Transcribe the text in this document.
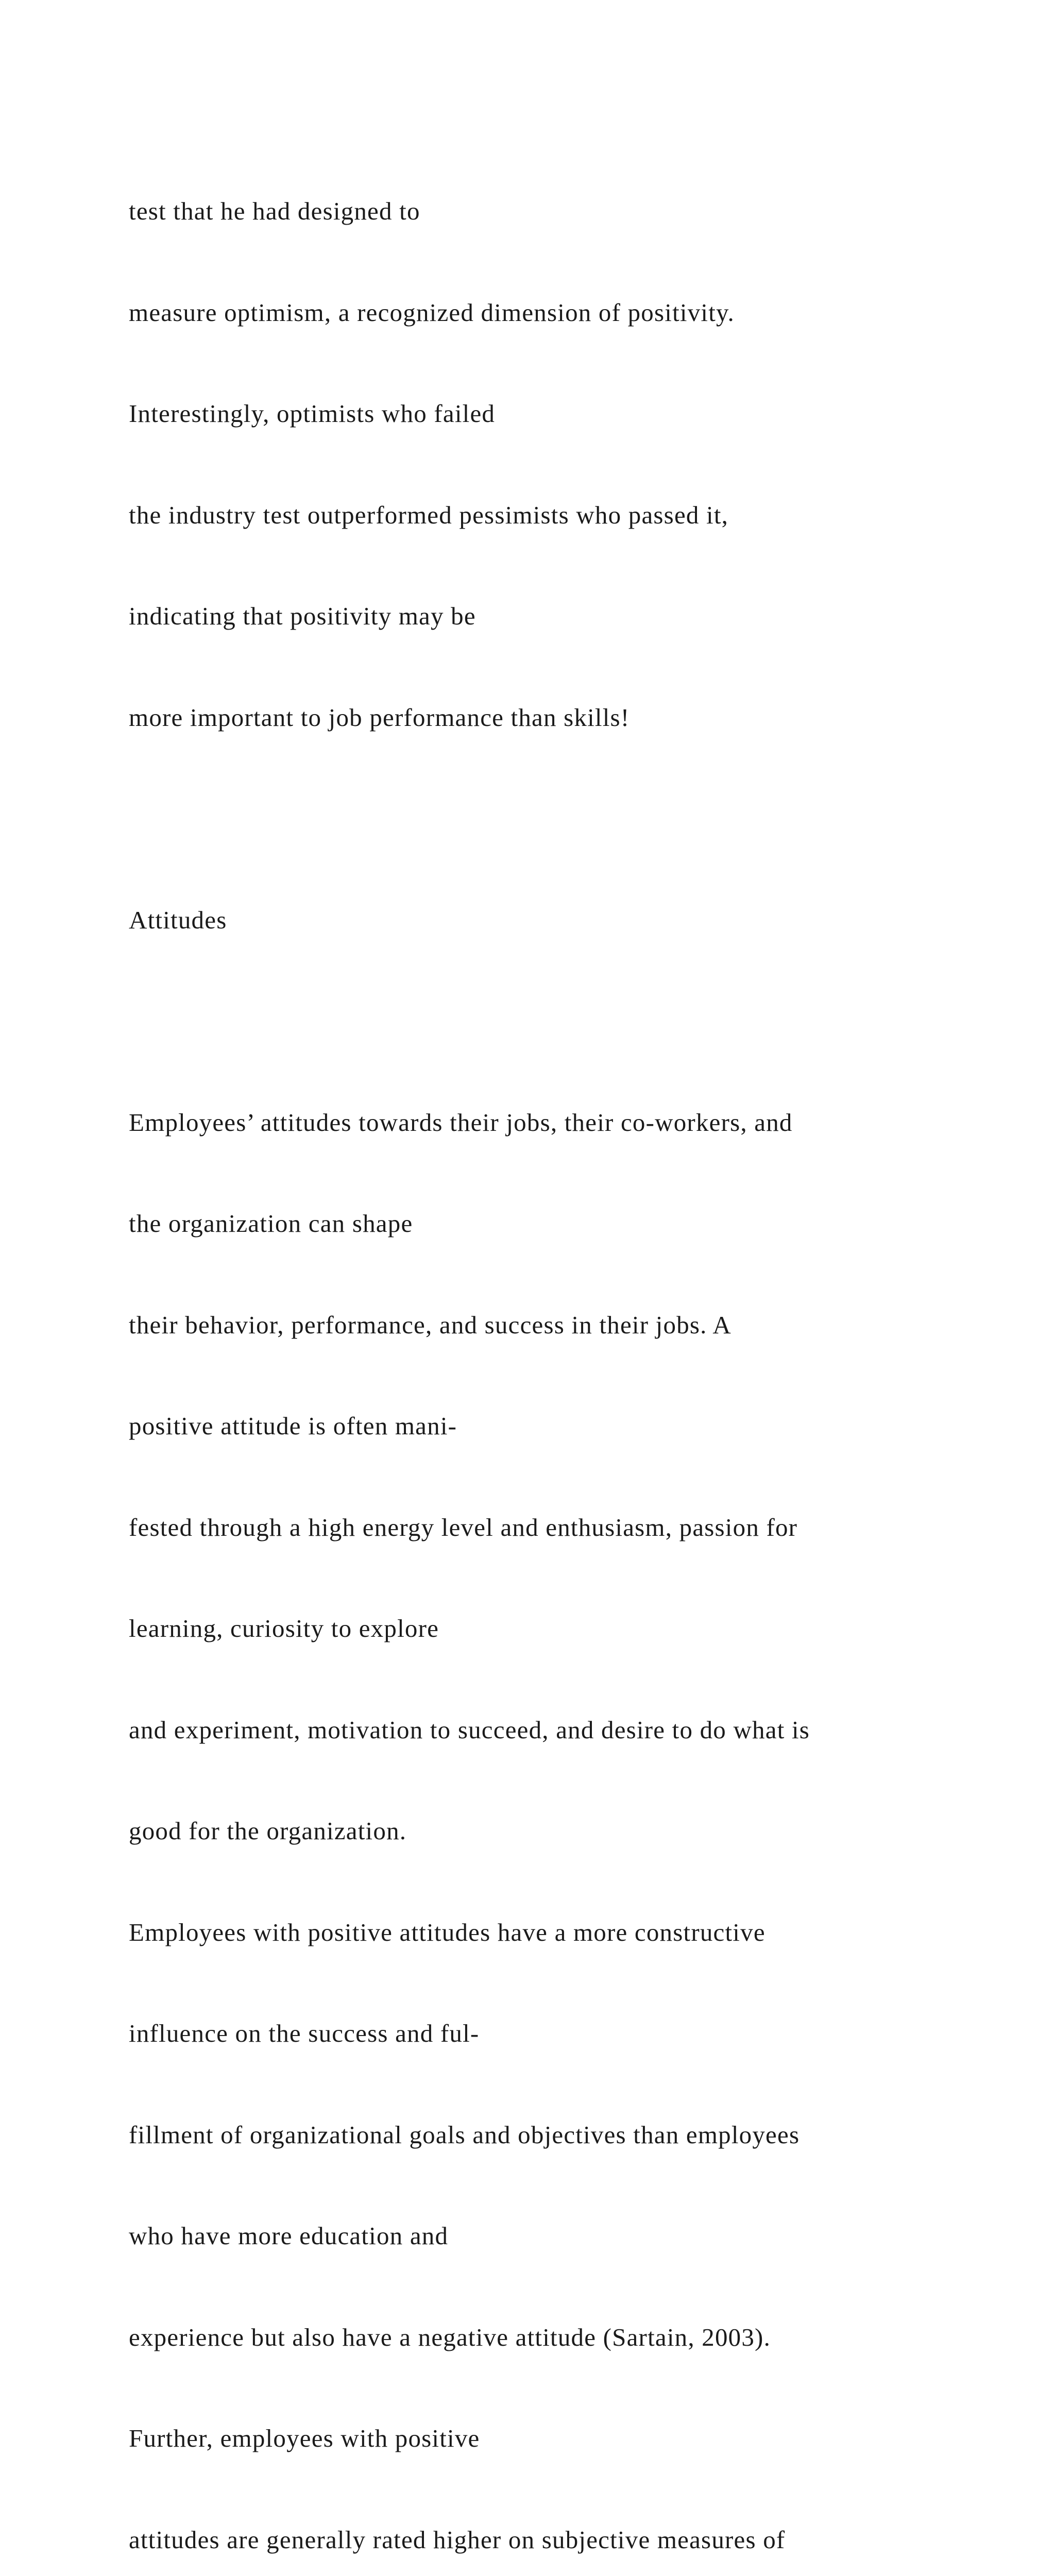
test that he had designed to

measure optimism, a recognized dimension of positivity.

Interestingly, optimists who failed

the industry test outperformed pessimists who passed it,

indicating that positivity may be

more important to job performance than skills!

Attitudes

Employees’ attitudes towards their jobs, their co-workers, and

the organization can shape

their behavior, performance, and success in their jobs. A

positive attitude is often mani-

fested through a high energy level and enthusiasm, passion for

learning, curiosity to explore

and experiment, motivation to succeed, and desire to do what is

good for the organization.

Employees with positive attitudes have a more constructive

influence on the success and ful-

fillment of organizational goals and objectives than employees

who have more education and

experience but also have a negative attitude (Sartain, 2003).

Further, employees with positive

attitudes are generally rated higher on subjective measures of
